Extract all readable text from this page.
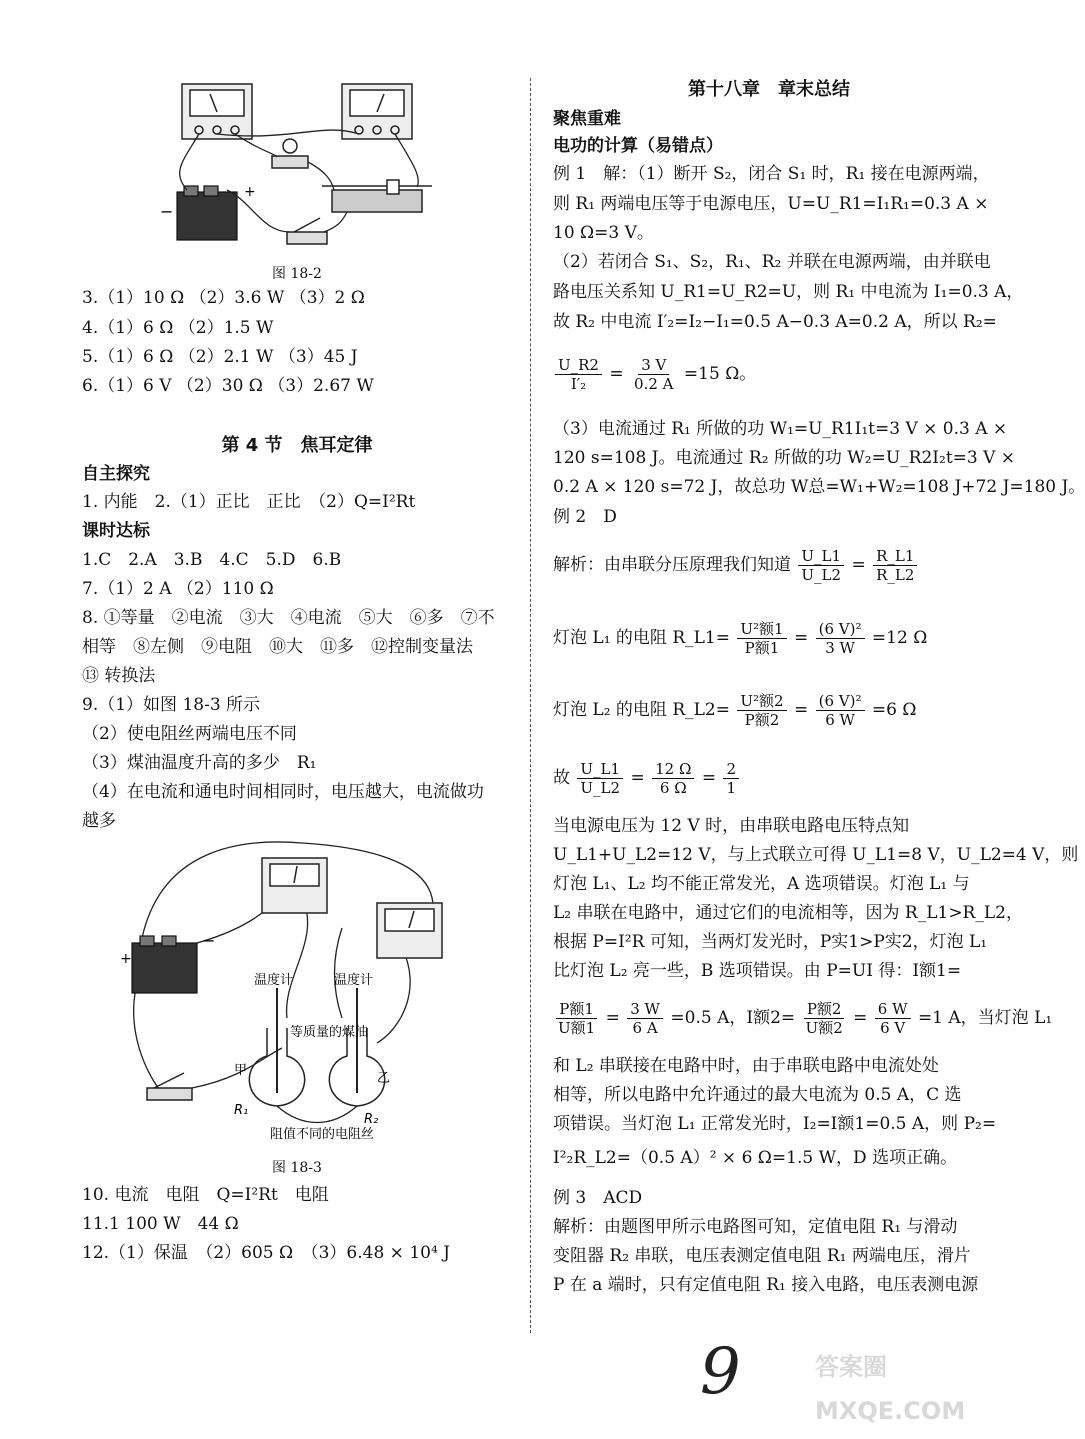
−
+
图 18-2
3.（1）10 Ω （2）3.6 W （3）2 Ω
4.（1）6 Ω （2）1.5 W
5.（1）6 Ω （2）2.1 W （3）45 J
6.（1）6 V （2）30 Ω （3）2.67 W
第 4 节　焦耳定律
自主探究
1. 内能　2.（1）正比　正比　（2）Q=I²Rt
课时达标
1.C　2.A　3.B　4.C　5.D　6.B
7.（1）2 A （2）110 Ω
8. ①等量　②电流　③大　④电流　⑤大　⑥多　⑦不
相等　⑧左侧　⑨电阻　⑩大　⑪多　⑫控制变量法
⑬ 转换法
9.（1）如图 18-3 所示
（2）使电阻丝两端电压不同
（3）煤油温度升高的多少　R₁
（4）在电流和通电时间相同时，电压越大，电流做功
越多
+
−
温度计	温度计
等质量的煤油
甲
乙
R₁
R₂
阻值不同的电阻丝
图 18-3
10. 电流　电阻　Q=I²Rt　电阻
11.1 100 W　44 Ω
12.（1）保温　（2）605 Ω　（3）6.48 × 10⁴ J
第十八章　章末总结
聚焦重难
电功的计算（易错点）
例 1　解：（1）断开 S₂，闭合 S₁ 时，R₁ 接在电源两端，
则 R₁ 两端电压等于电源电压，U=U_R1=I₁R₁=0.3 A ×
10 Ω=3 V。
（2）若闭合 S₁、S₂，R₁、R₂ 并联在电源两端，由并联电
路电压关系知 U_R1=U_R2=U，则 R₁ 中电流为 I₁=0.3 A，
故 R₂ 中电流 I′₂=I₂−I₁=0.5 A−0.3 A=0.2 A，所以 R₂=
$\frac{U\_R2}{\text{I′₂}} = \frac{3 V}{0.2 A} =15$ Ω。
（3）电流通过 R₁ 所做的功 W₁=U_R1I₁t=3 V × 0.3 A ×
120 s=108 J。电流通过 R₂ 所做的功 W₂=U_R2I₂t=3 V ×
0.2 A × 120 s=72 J，故总功 W总=W₁+W₂=108 J+72 J=180 J。
例 2　D
解析：由串联分压原理我们知道 $\frac{U\_L1}{U\_L2} = \frac{R\_L1}{R\_L2}$
灯泡 L₁ 的电阻 R_L1= $\frac{\text{U²额1}}{\text{P额1}} = \frac{\text{(6 V)²}}{3 W} =12$ Ω
灯泡 L₂ 的电阻 R_L2= $\frac{\text{U²额2}}{\text{P额2}} = \frac{\text{(6 V)²}}{6 W} =6$ Ω
故 $\frac{U\_L1}{U\_L2} = \frac{12 \Omega}{6 \Omega} = \frac{2}{1}$
当电源电压为 12 V 时，由串联电路电压特点知
U_L1+U_L2=12 V，与上式联立可得 U_L1=8 V，U_L2=4 V，则
灯泡 L₁、L₂ 均不能正常发光，A 选项错误。灯泡 L₁ 与
L₂ 串联在电路中，通过它们的电流相等，因为 R_L1>R_L2，
根据 P=I²R 可知，当两灯发光时，P实1>P实2，灯泡 L₁
比灯泡 L₂ 亮一些，B 选项错误。由 P=UI 得：I额1=
$\frac{\text{P额1}}{\text{U额1}} = \frac{3 W}{6 A} =0.5$ A，I额$2= \frac{\text{P额2}}{\text{U额2}} = \frac{6 W}{6 V} =1$ A，当灯泡 L₁
和 L₂ 串联接在电路中时，由于串联电路中电流处处
相等，所以电路中允许通过的最大电流为 0.5 A，C 选
项错误。当灯泡 L₁ 正常发光时，I₂=I额1=0.5 A，则 P₂=
I²₂R_L2=（0.5 A）² × 6 Ω=1.5 W，D 选项正确。
例 3　ACD
解析：由题图甲所示电路图可知，定值电阻 R₁ 与滑动
变阻器 R₂ 串联，电压表测定值电阻 R₁ 两端电压，滑片
P 在 a 端时，只有定值电阻 R₁ 接入电路，电压表测电源
9	答案圈 MXQE.COM
